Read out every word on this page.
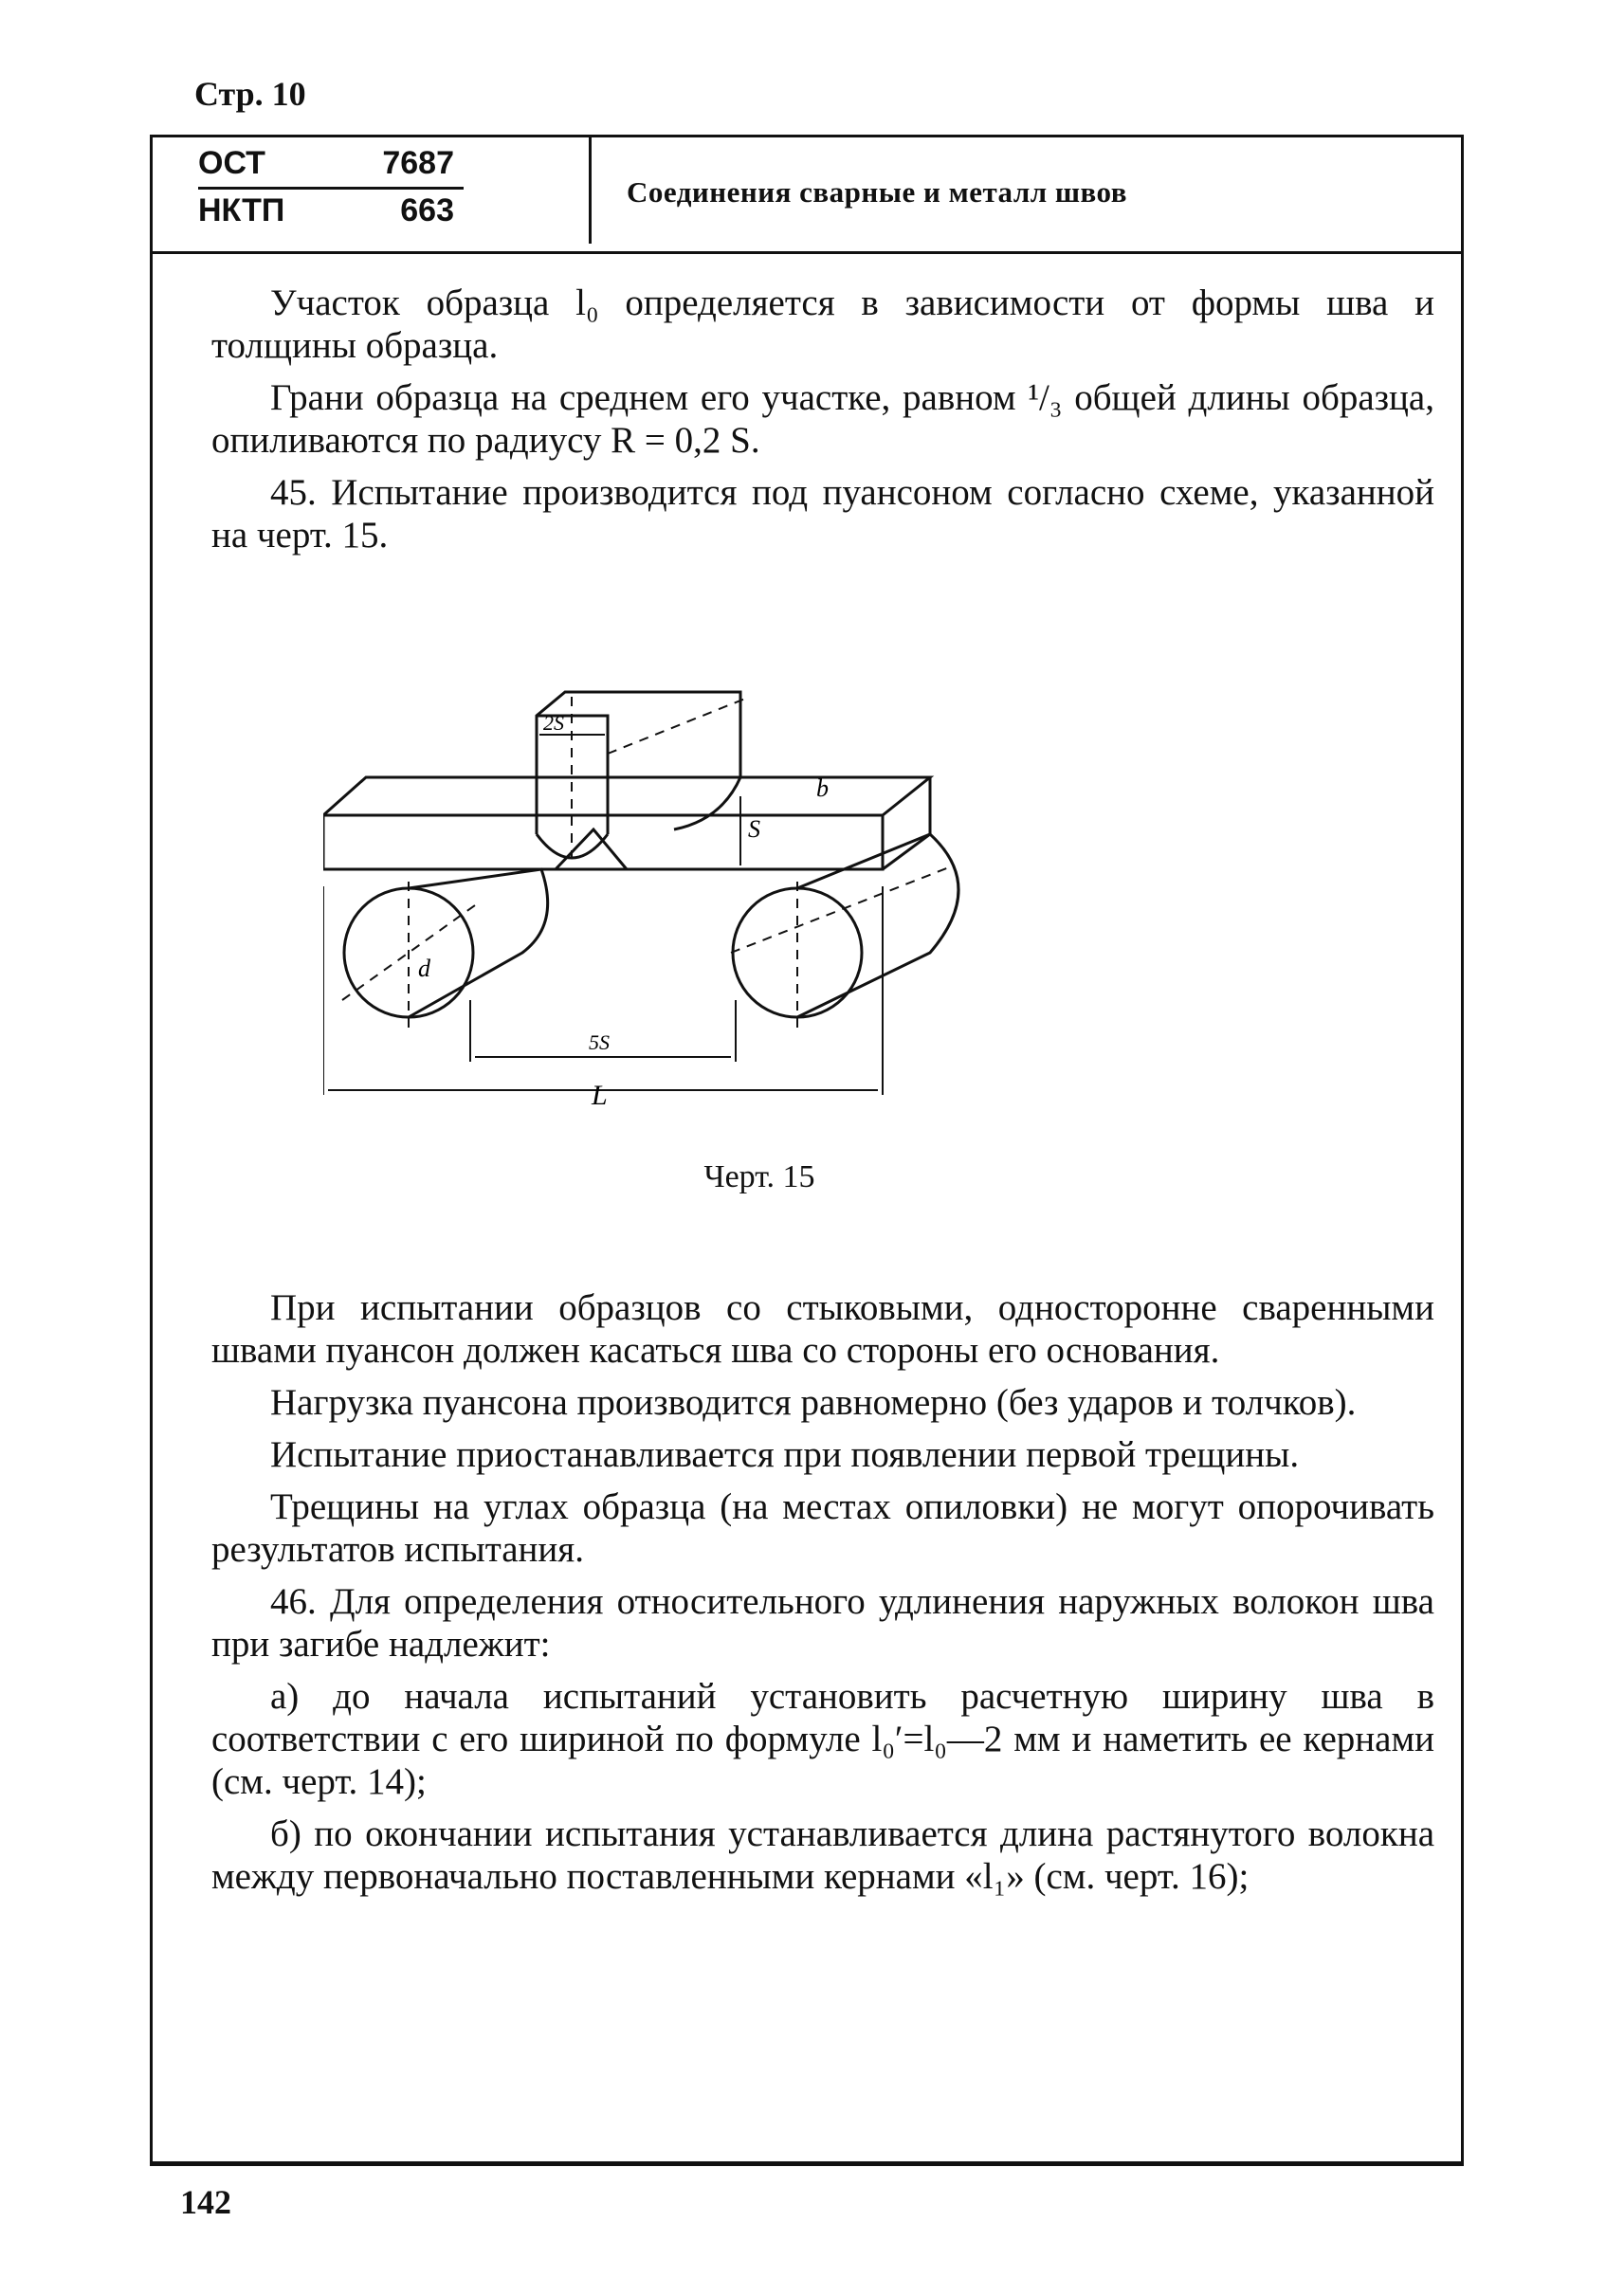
Стр. 10
ОСТ	7687
НКТП	663
Соединения сварные и металл швов

Участок образца l₀ определяется в зависимости от формы шва и толщины образца.

Грани образца на среднем его участке, равном ¹/₃ общей длины образца, опиливаются по радиусу R = 0,2 S.

45. Испытание производится под пуансоном согласно схеме, указанной на черт. 15.

2S
S
b
d
5S
L
Черт. 15

При испытании образцов со стыковыми, односторонне сваренными швами пуансон должен касаться шва со стороны его основания.

Нагрузка пуансона производится равномерно (без ударов и толчков).

Испытание приостанавливается при появлении первой трещины.

Трещины на углах образца (на местах опиловки) не могут опорочивать результатов испытания.

46. Для определения относительного удлинения наружных волокон шва при загибе надлежит:

а) до начала испытаний установить расчетную ширину шва в соответствии с его шириной по формуле l₀′=l₀—2 мм и наметить ее кернами (см. черт. 14);

б) по окончании испытания устанавливается длина растянутого волокна между первоначально поставленными кернами «l₁» (см. черт. 16);

142
